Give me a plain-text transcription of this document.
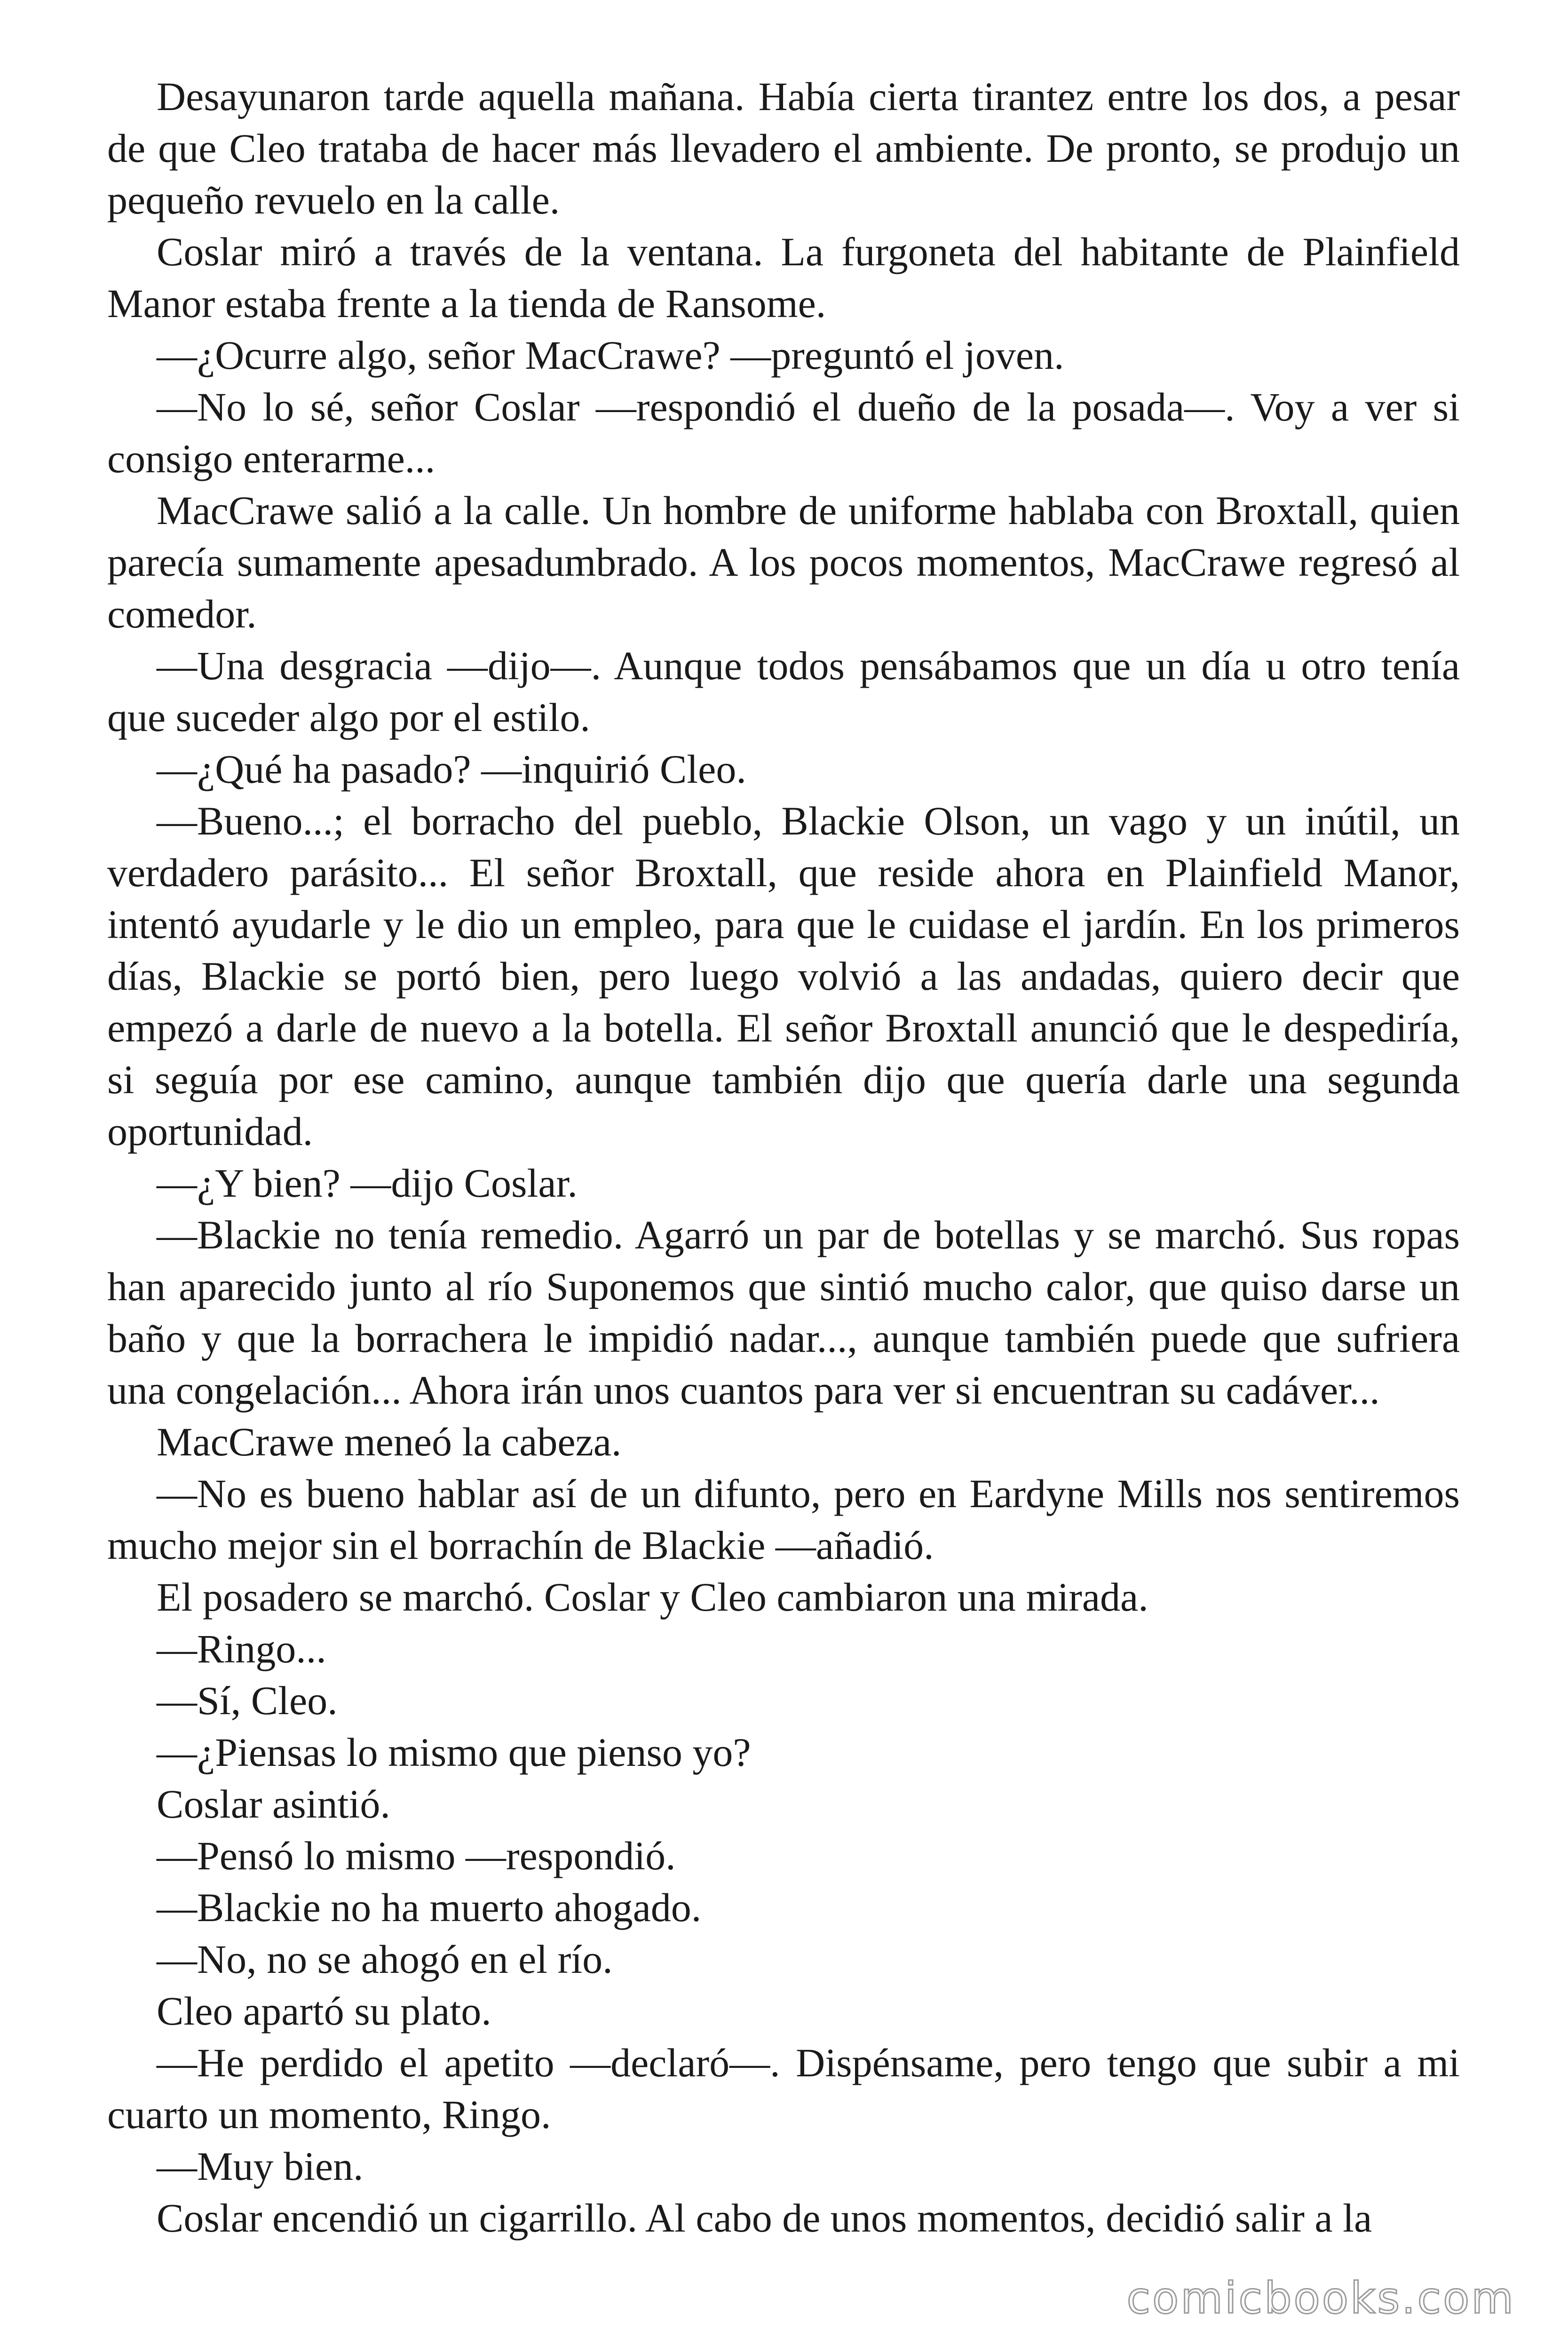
Desayunaron tarde aquella mañana. Había cierta tirantez entre los dos, a pesar de que Cleo trataba de hacer más llevadero el ambiente. De pronto, se produjo un pequeño revuelo en la calle.

Coslar miró a través de la ventana. La furgoneta del habitante de Plainfield Manor estaba frente a la tienda de Ransome.

—¿Ocurre algo, señor MacCrawe? —preguntó el joven.

—No lo sé, señor Coslar —respondió el dueño de la posada—. Voy a ver si consigo enterarme...

MacCrawe salió a la calle. Un hombre de uniforme hablaba con Broxtall, quien parecía sumamente apesadumbrado. A los pocos momentos, MacCrawe regresó al comedor.

—Una desgracia —dijo—. Aunque todos pensábamos que un día u otro tenía que suceder algo por el estilo.

—¿Qué ha pasado? —inquirió Cleo.

—Bueno...; el borracho del pueblo, Blackie Olson, un vago y un inútil, un verdadero parásito... El señor Broxtall, que reside ahora en Plainfield Manor, intentó ayudarle y le dio un empleo, para que le cuidase el jardín. En los primeros días, Blackie se portó bien, pero luego volvió a las andadas, quiero decir que empezó a darle de nuevo a la botella. El señor Broxtall anunció que le despediría, si seguía por ese camino, aunque también dijo que quería darle una segunda oportunidad.

—¿Y bien? —dijo Coslar.

—Blackie no tenía remedio. Agarró un par de botellas y se marchó. Sus ropas han aparecido junto al río Suponemos que sintió mucho calor, que quiso darse un baño y que la borrachera le impidió nadar..., aunque también puede que sufriera una congelación... Ahora irán unos cuantos para ver si encuentran su cadáver...

MacCrawe meneó la cabeza.

—No es bueno hablar así de un difunto, pero en Eardyne Mills nos sentiremos mucho mejor sin el borrachín de Blackie —añadió.

El posadero se marchó. Coslar y Cleo cambiaron una mirada.

—Ringo...

—Sí, Cleo.

—¿Piensas lo mismo que pienso yo?

Coslar asintió.

—Pensó lo mismo —respondió.

—Blackie no ha muerto ahogado.

—No, no se ahogó en el río.

Cleo apartó su plato.

—He perdido el apetito —declaró—. Dispénsame, pero tengo que subir a mi cuarto un momento, Ringo.

—Muy bien.

Coslar encendió un cigarrillo. Al cabo de unos momentos, decidió salir a la

comicbooks.com
